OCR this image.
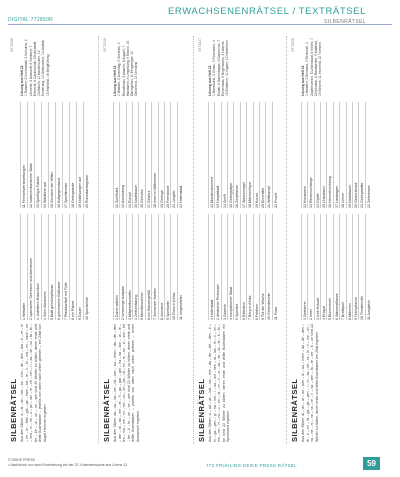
ERWACHSENENRÄTSEL / TEXTRÄTSEL
SILBENRÄTSEL
DIGITAL 772850R
SILBENRÄTSEL
0972025
Aus den Silben: a – al – an – ber – bo – cho – de – den – dia – e – ef – ei – en – er – fekt – gal – ge – ham – ka – le – li – lo – ma – mi – nach – ne – neu – ni – no – o – pe – ran – re – rei – ren – ri – sa – se – so – ta – te – ter – tin – ul – un – ve – wel sind 20 Wörter zu bilden, deren erste und dritte Buchstaben – jeweils von oben nach unten gelesen – ein Zitat von Augst Heinrich ergeben.
1 Weltalter 2 spanischer Seemann und Abenteurer 3 Jodeltiere Brauchtum 4 Sohn Abrahams 5 Blatt gemüsepflanze 6 griechischer Bildhauer 7 Plastikartikel mit Tülle 8 ein Planet 9 Dauer 10 Sportschuh
11 Fernsehwerbezeitungen 12 südamerikanischer Staat 13 Spielfigur Fatzke 14 Waldtiere auf 15 Vorname der Witter 16 Kultgegenstand 17 Sportstrecke 18 Gebirgsleute 19 Notlösungen auf 20 Ruhestandsgeber
Lösung aus Heft 22 1 Rotwein, 2 Irrsinnstadt, 3 Vorkunst, 4 Uhrkette, 5 Auskunft, 6 Seefahrt, 7 Erbrecht, 8 Cardeschaft, 9 Kunststoff, 10 Abkehr, 11 Kamelrücken, 12 Forderung, 13 Glasmalerei, 14 Ausfall, 15 Fallhöhe, 16 Bergfrühling
SILBENRÄTSEL
0972026
Aus den Silben: ab – ax – ba – be – bil – bor – bu – chen – da – de – den – der – di – do – ein – el – fi – ga – gar – gel – ha – ka – kon – la – le – len – ma – me – mi – nel – no – on – pa – ra – rin – ro – se – si – son – tel – ter – ti – to – un – ve – zen sind 22 Wörter zu bilden, deren erste und dritte Buchstaben – jeweils von oben nach unten gelesen – einen Ausspruch ergeben.
1 Dame wählen 2 schwierige Aufgabe 3 Mitgesellschafter 4 Zeitschätzung 5 Mondbewohner 6 ein Wassergefäß 7 Schweizer Kanton 8 Vorname 9 Spielkarte 10 Fluss in Afrika 11 Vorgesetzter
12 Schiffsteil 13 Ausrüstung 14 Rumpf 15 Nadelbaum 16 Gemüse 17 Gewürz 18 Insel im Mittelmeer 19 Gebirge 20 Fremdwort 21 Jungtier 22 Hafenstadt
Lösung aus Heft 22 1 Wallach, 2 Anschlag, 3 Seebrise, 4 Reisefieber, 5 Abwehr, 6 Kuppel, 7 Handwerk, 8 Umgebung, 9 Rasen, 10 Dachgiebel, 11 Bergsteiger, 12 Gleichmut, 13 Verstand
SILBENRÄTSEL
0972027
Aus den Silben: a – ad – an – bal – bo – che – da – de – del – den – e – er – ga – gen – gi – ha – hel – i – ka – kel – ken – la – lan – le – li – mi – mo – ne – ni – no – o – on – ra – re – ri – ro – sa – se – ta – te – ti – to – tor sind 22 Wörter zu bilden, deren erste und dritte Buchstaben ein Sprichwort ergeben.
1 Hafenstadt 2 deutscher Philosoph 3 Zubehör 4 europäischer Staat 5 Sportart 6 Edelstein 7 Berg in Afrika 8 Feldherr 9 Teil der Woche 10 Getreidesorte 11 Fluss
12 Musikinstrument 13 Hauptstadt 14 Schiff 15 Gebirgsjäger 16 Zierpflanze 17 Wasservogel 18 Märchenfigur 19 Kurort 20 Ehrentitel 21 Wettkampf 22 Frucht
Lösung aus Heft 22 1 Hanswurst, 2 Orkan, 3 Feuerwerk, 4 Eisbär, 5 Narrenkappe, 6 Dachrinne, 7 Eichenlaub, 8 Regenwurm, 9 Laterne, 10 Erdbeere, 11 Ingwer, 12 Nebelhorn
SILBENRÄTSEL
0972028
Aus den Silben: al – an – ar – be – ben – bi – bu – chen – da – de – den – di – e – en – fa – ga – ge – gen – i – in – ka – ke – la – le – li – me – mi – na – ne – ni – no – ra – re – ri – sa – sen – ta – te – ter – ti – un sind 22 Wörter zu bilden, deren erste und dritte Buchstaben ein Zitat ergeben.
1 Seefahrer 2 Insel 3 eine Holzart 4 Erbgut 5 Blumenkohl 6 Wasserpflanze 7 Brettspiel 8 Märchen 9 Teichpflanze 10 Theaterrolle 11 Ausgleich
12 Kunstwerk 13 Riesenschlange 14 Gipfel 15 Urlaubsort 16 Himmelsrichtung 17 Lastwagen 18 Lehrer 19 Nadelbaum 20 Gewürzkraut 21 Gebirgskette 22 Zeitmesser
Lösung aus Heft 22 1 Halbzeit, 2 Einstand, 3 Reiseziel, 4 Zapfenstreich, 5 Lebenslauf, 6 Irrlicht, 7 Chorknabe, 8 Handwerker, 9 Kaltfront, 10 Einkehr, 11 Innenhof, 12 Trommel
© DEIKE PRESS
• Nachdruck nur nach Erscheinung bei der 22. Kalenderwoche aus Lizenz 12	772 FRÜHLING DEIKE PRESS RÄTSEL	59
